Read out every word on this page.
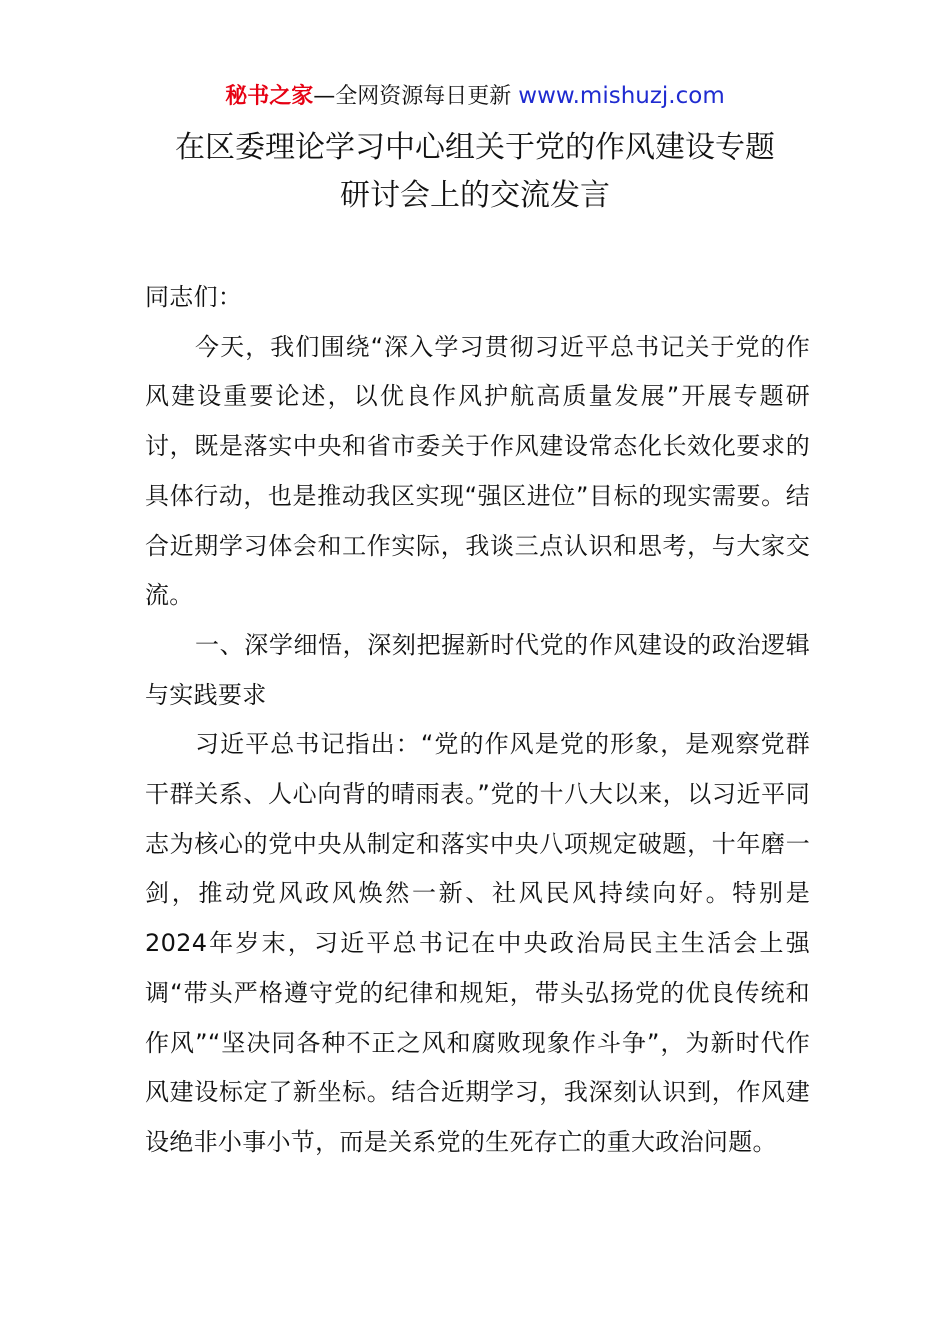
秘书之家—全网资源每日更新 www.mishuzj.com
在区委理论学习中心组关于党的作风建设专题
研讨会上的交流发言

同志们：

今天，我们围绕“深入学习贯彻习近平总书记关于党的作风建设重要论述，以优良作风护航高质量发展”开展专题研讨，既是落实中央和省市委关于作风建设常态化长效化要求的具体行动，也是推动我区实现“强区进位”目标的现实需要。结合近期学习体会和工作实际，我谈三点认识和思考，与大家交流。

一、深学细悟，深刻把握新时代党的作风建设的政治逻辑与实践要求

习近平总书记指出：“党的作风是党的形象，是观察党群干群关系、人心向背的晴雨表。”党的十八大以来，以习近平同志为核心的党中央从制定和落实中央八项规定破题，十年磨一剑，推动党风政风焕然一新、社风民风持续向好。特别是2024年岁末，习近平总书记在中央政治局民主生活会上强调“带头严格遵守党的纪律和规矩，带头弘扬党的优良传统和作风”“坚决同各种不正之风和腐败现象作斗争”，为新时代作风建设标定了新坐标。结合近期学习，我深刻认识到，作风建设绝非小事小节，而是关系党的生死存亡的重大政治问题。
